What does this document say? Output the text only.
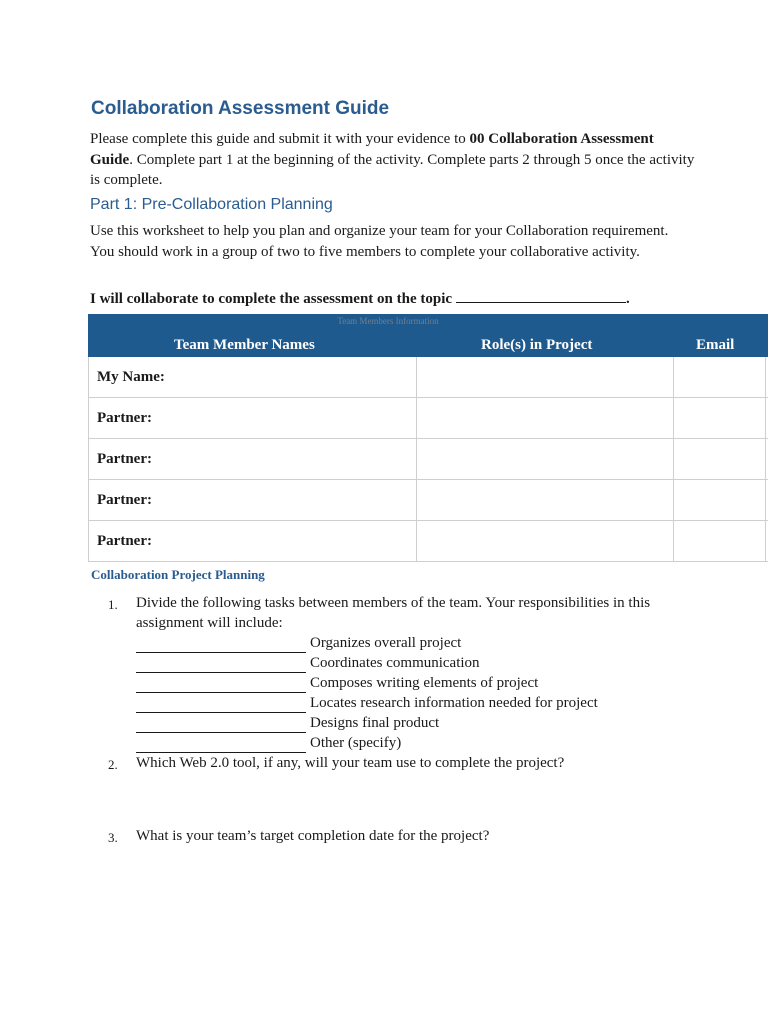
Collaboration Assessment Guide
Please complete this guide and submit it with your evidence to 00 Collaboration Assessment Guide. Complete part 1 at the beginning of the activity. Complete parts 2 through 5 once the activity is complete.
Part 1: Pre-Collaboration Planning
Use this worksheet to help you plan and organize your team for your Collaboration requirement. You should work in a group of two to five members to complete your collaborative activity.
I will collaborate to complete the assessment on the topic	.
Team Members Information
Team Member Names	Role(s) in Project	Email
My Name:
Partner:
Partner:
Partner:
Partner:
Collaboration Project Planning
1.	Divide the following tasks between members of the team. Your responsibilities in this assignment will include:
Organizes overall project
Coordinates communication
Composes writing elements of project
Locates research information needed for project
Designs final product
Other (specify)
2.	Which Web 2.0 tool, if any, will your team use to complete the project?
3.	What is your team’s target completion date for the project?
